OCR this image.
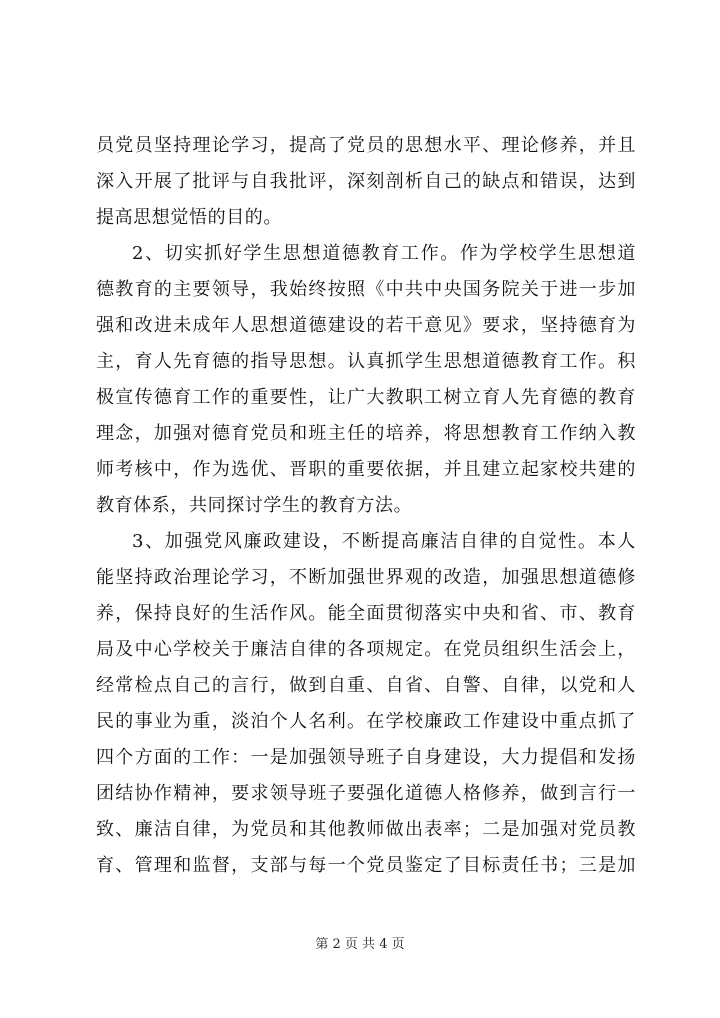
员党员坚持理论学习，提高了党员的思想水平、理论修养，并且
深入开展了批评与自我批评，深刻剖析自己的缺点和错误，达到
提高思想觉悟的目的。
2、切实抓好学生思想道德教育工作。作为学校学生思想道
德教育的主要领导，我始终按照《中共中央国务院关于进一步加
强和改进未成年人思想道德建设的若干意见》要求，坚持德育为
主，育人先育德的指导思想。认真抓学生思想道德教育工作。积
极宣传德育工作的重要性，让广大教职工树立育人先育德的教育
理念，加强对德育党员和班主任的培养，将思想教育工作纳入教
师考核中，作为选优、晋职的重要依据，并且建立起家校共建的
教育体系，共同探讨学生的教育方法。
3、加强党风廉政建设，不断提高廉洁自律的自觉性。本人
能坚持政治理论学习，不断加强世界观的改造，加强思想道德修
养，保持良好的生活作风。能全面贯彻落实中央和省、市、教育
局及中心学校关于廉洁自律的各项规定。在党员组织生活会上，
经常检点自己的言行，做到自重、自省、自警、自律，以党和人
民的事业为重，淡泊个人名利。在学校廉政工作建设中重点抓了
四个方面的工作：一是加强领导班子自身建设，大力提倡和发扬
团结协作精神，要求领导班子要强化道德人格修养，做到言行一
致、廉洁自律，为党员和其他教师做出表率；二是加强对党员教
育、管理和监督，支部与每一个党员鉴定了目标责任书；三是加
第 2 页 共 4 页
